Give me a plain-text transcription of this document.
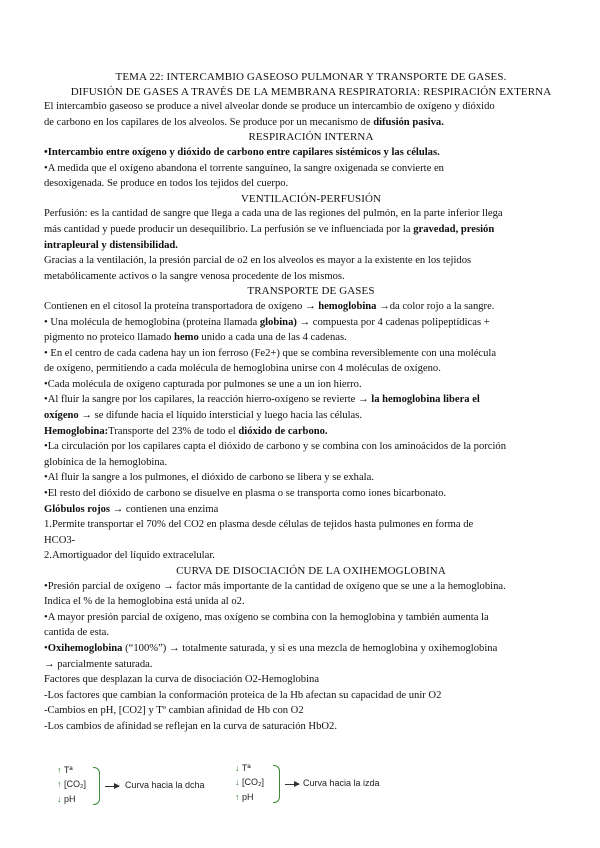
TEMA 22: INTERCAMBIO GASEOSO PULMONAR Y TRANSPORTE DE GASES.

DIFUSIÓN DE GASES A TRAVÉS DE LA MEMBRANA RESPIRATORIA: RESPIRACIÓN EXTERNA

El intercambio gaseoso se produce a nivel alveolar donde se produce un intercambio de oxígeno y dióxido

de carbono en los capilares de los alveolos. Se produce por un mecanismo de difusión pasiva.

RESPIRACIÓN INTERNA

•Intercambio entre oxígeno y dióxido de carbono entre capilares sistémicos y las células.

•A medida que el oxígeno abandona el torrente sanguíneo, la sangre oxigenada se convierte en

desoxigenada. Se produce en todos los tejidos del cuerpo.

VENTILACIÓN-PERFUSIÓN

Perfusión: es la cantidad de sangre que llega a cada una de las regiones del pulmón, en la parte inferior llega

más cantidad y puede producir un desequilibrio. La perfusión se ve influenciada por la gravedad, presión

intrapleural y distensibilidad.

Gracias a la ventilación, la presión parcial de o2 en los alveolos es mayor a la existente en los tejidos

metabólicamente activos o la sangre venosa procedente de los mismos.

TRANSPORTE DE GASES

Contienen en el citosol la proteína transportadora de oxígeno → hemoglobina →da color rojo a la sangre.

• Una molécula de hemoglobina (proteína llamada globina) → compuesta por 4 cadenas polipeptídicas +

pigmento no proteico llamado hemo unido a cada una de las 4 cadenas.

• En el centro de cada cadena hay un ion ferroso (Fe2+) que se combina reversiblemente con una molécula

de oxígeno, permitiendo a cada molécula de hemoglobina unirse con 4 moléculas de oxígeno.

•Cada molécula de oxígeno capturada por pulmones se une a un ion hierro.

•Al fluir la sangre por los capilares, la reacción hierro-oxígeno se revierte → la hemoglobina libera el

oxígeno → se difunde hacia el líquido intersticial y luego hacia las células.

Hemoglobina:Transporte del 23% de todo el dióxido de carbono.

•La circulación por los capilares capta el dióxido de carbono y se combina con los aminoácidos de la porción

globínica de la hemoglobina.

•Al fluir la sangre a los pulmones, el dióxido de carbono se libera y se exhala.

•El resto del dióxido de carbono se disuelve en plasma o se transporta como iones bicarbonato.

Glóbulos rojos → contienen una enzima

1.Permite transportar el 70% del CO2 en plasma desde células de tejidos hasta pulmones en forma de

HCO3-

2.Amortiguador del líquido extracelular.

CURVA DE DISOCIACIÓN DE LA OXIHEMOGLOBINA

•Presión parcial de oxígeno → factor más importante de la cantidad de oxígeno que se une a la hemoglobina.

Indica el % de la hemoglobina está unida al o2.

•A mayor presión parcial de oxígeno, mas oxígeno se combina con la hemoglobina y también aumenta la

cantida de esta.

•Oxihemoglobina (“100%”) → totalmente saturada, y si es una mezcla de hemoglobina y oxihemoglobina

→ parcialmente saturada.

Factores que desplazan la curva de disociación O2-Hemoglobina

-Los factores que cambian la conformación proteica de la Hb afectan su capacidad de unir O2

-Cambios en pH, [CO2] y Tº cambian afinidad de Hb con O2

-Los cambios de afinidad se reflejan en la curva de saturación HbO2.

↑ Tª
↑ [CO₂]
↓ pH
Curva hacia la dcha
↓ Tª
↓ [CO₂]
↑ pH
Curva hacia la izda
